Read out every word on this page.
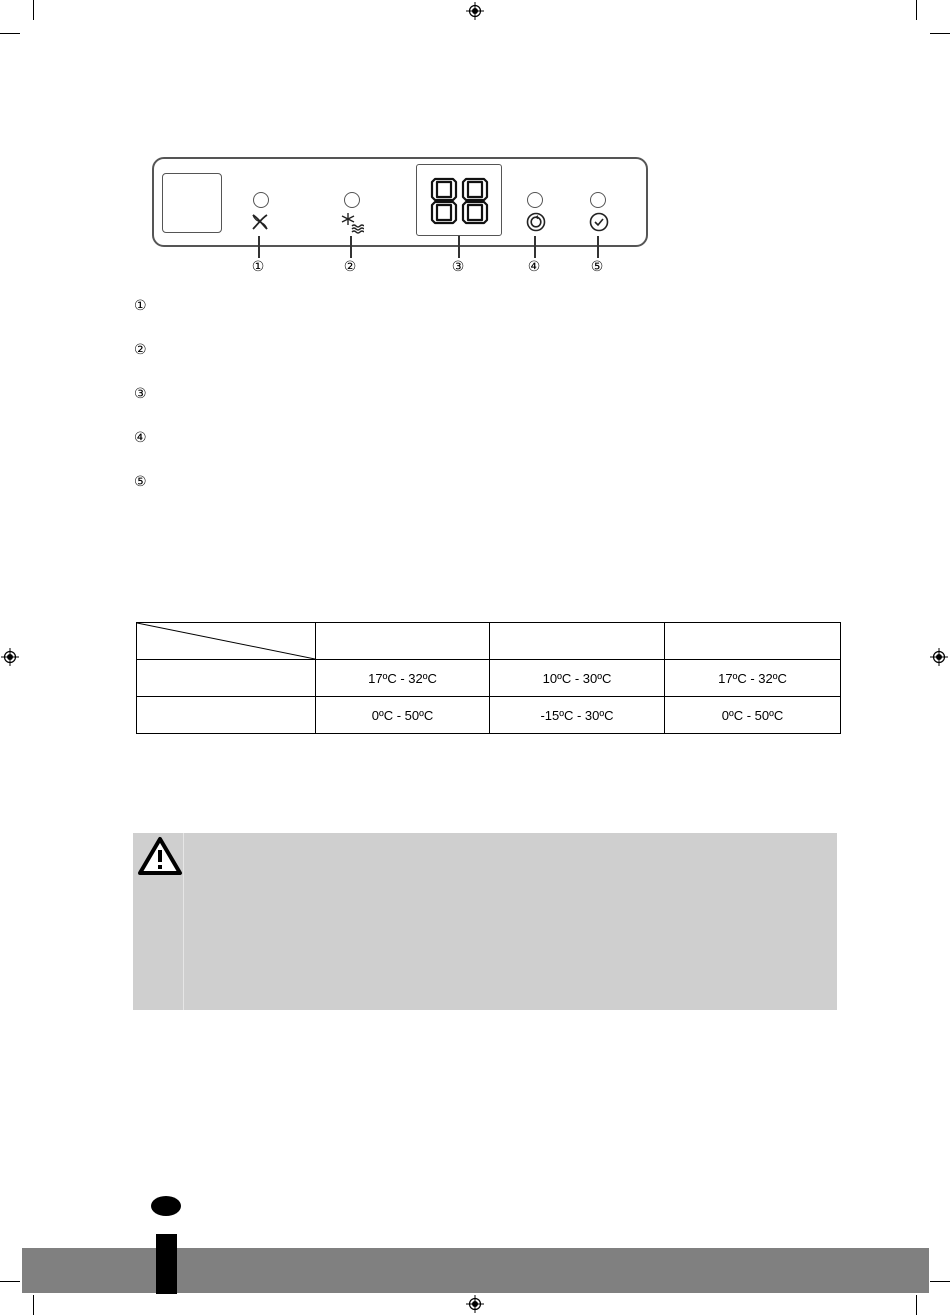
①	②	③	④	⑤
①
②
③
④
⑤

	17ºC - 32ºC	10ºC - 30ºC	17ºC - 32ºC
	0ºC - 50ºC	-15ºC - 30ºC	0ºC - 50ºC
